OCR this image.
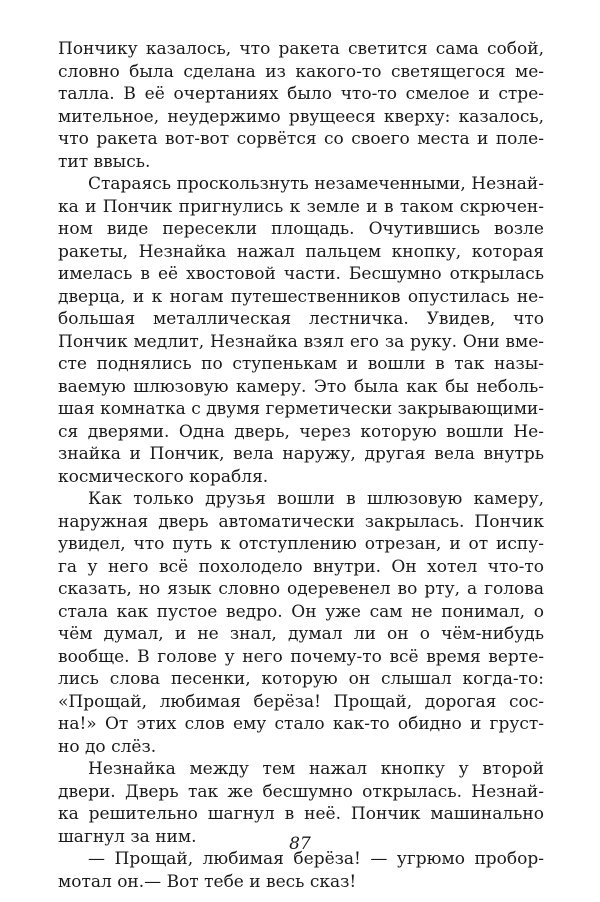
Пончику казалось, что ракета светится сама собой,
словно была сделана из какого-то светящегося ме-
талла. В её очертаниях было что-то смелое и стре-
мительное, неудержимо рвущееся кверху: казалось,
что ракета вот-вот сорвётся со своего места и поле-
тит ввысь.
Стараясь проскользнуть незамеченными, Незнай-
ка и Пончик пригнулись к земле и в таком скрючен-
ном виде пересекли площадь. Очутившись возле
ракеты, Незнайка нажал пальцем кнопку, которая
имелась в её хвостовой части. Бесшумно открылась
дверца, и к ногам путешественников опустилась не-
большая металлическая лестничка. Увидев, что
Пончик медлит, Незнайка взял его за руку. Они вме-
сте поднялись по ступенькам и вошли в так назы-
ваемую шлюзовую камеру. Это была как бы неболь-
шая комнатка с двумя герметически закрывающими-
ся дверями. Одна дверь, через которую вошли Не-
знайка и Пончик, вела наружу, другая вела внутрь
космического корабля.
Как только друзья вошли в шлюзовую камеру,
наружная дверь автоматически закрылась. Пончик
увидел, что путь к отступлению отрезан, и от испу-
га у него всё похолодело внутри. Он хотел что-то
сказать, но язык словно одеревенел во рту, а голова
стала как пустое ведро. Он уже сам не понимал, о
чём думал, и не знал, думал ли он о чём-нибудь
вообще. В голове у него почему-то всё время верте-
лись слова песенки, которую он слышал когда-то:
«Прощай, любимая берёза! Прощай, дорогая сос-
на!» От этих слов ему стало как-то обидно и груст-
но до слёз.
Незнайка между тем нажал кнопку у второй
двери. Дверь так же бесшумно открылась. Незнай-
ка решительно шагнул в неё. Пончик машинально
шагнул за ним.
— Прощай, любимая берёза! — угрюмо пробор-
мотал он.— Вот тебе и весь сказ!
87
